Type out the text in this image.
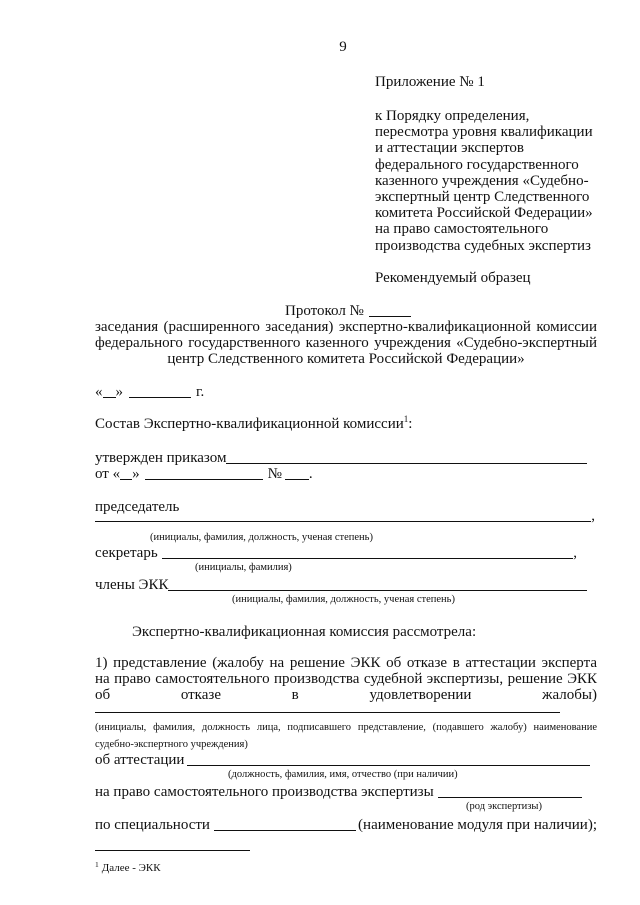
9
Приложение № 1
к Порядку определения,
пересмотра уровня квалификации
и аттестации экспертов
федерального государственного
казенного учреждения «Судебно-
экспертный центр Следственного
комитета Российской Федерации»
на право самостоятельного
производства судебных экспертиз
Рекомендуемый образец
Протокол №
заседания (расширенного заседания) экспертно-квалификационной комиссии
федерального государственного казенного учреждения «Судебно-экспертный
центр Следственного комитета Российской Федерации»
« »	г.
Состав Экспертно-квалификационной комиссии$^1$:
утвержден приказом
от « »	№ .
председатель
,
(инициалы, фамилия, должность, ученая степень)
секретарь	,
(инициалы, фамилия)
члены ЭКК
(инициалы, фамилия, должность, ученая степень)
Экспертно-квалификационная комиссия рассмотрела:
1) представление (жалобу на решение ЭКК об отказе в аттестации эксперта
на право самостоятельного производства судебной экспертизы, решение ЭКК
об отказе в удовлетворении жалобы)
(инициалы, фамилия, должность лица, подписавшего представление, (подавшего жалобу) наименование
судебно-экспертного учреждения)
об аттестации
(должность, фамилия, имя, отчество (при наличии)
на право самостоятельного производства экспертизы
(род экспертизы)
по специальности	(наименование модуля при наличии);
$^1$ Далее - ЭКК
